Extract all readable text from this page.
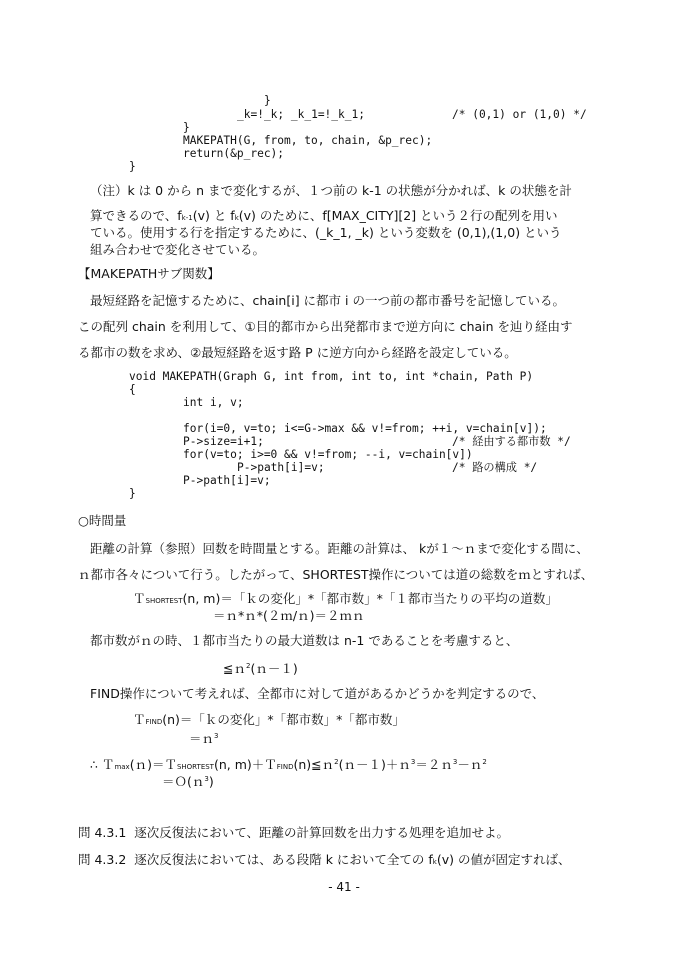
}
_k=!_k; _k_1=!_k_1;	/* (0,1) or (1,0) */
}
MAKEPATH(G, from, to, chain, &p_rec);
return(&p_rec);
}
（注）k は 0 から n まで変化するが、１つ前の k-1 の状態が分かれば、k の状態を計
算できるので、fk-1(v) と fk(v) のために、f[MAX_CITY][2] という２行の配列を用い
ている。使用する行を指定するために、(_k_1, _k) という変数を (0,1),(1,0) という
組み合わせで変化させている。
【MAKEPATHサブ関数】
最短経路を記憶するために、chain[i] に都市 i の一つ前の都市番号を記憶している。
この配列 chain を利用して、①目的都市から出発都市まで逆方向に chain を辿り経由す
る都市の数を求め、②最短経路を返す路 P に逆方向から経路を設定している。
void MAKEPATH(Graph G, int from, int to, int *chain, Path P)
{
int i, v;
for(i=0, v=to; i<=G->max && v!=from; ++i, v=chain[v]);
P->size=i+1;	/* 経由する都市数 */
for(v=to; i>=0 && v!=from; --i, v=chain[v])
P->path[i]=v;	/* 路の構成 */
P->path[i]=v;
}
○時間量
距離の計算（参照）回数を時間量とする。距離の計算は、 kが１～ｎまで変化する間に、
ｎ都市各々について行う。したがって、SHORTEST操作については道の総数をｍとすれば、
ＴSHORTEST(n, m)＝「ｋの変化」*「都市数」*「１都市当たりの平均の道数」
＝ｎ*ｎ*(２ｍ/ｎ)＝２ｍｎ
都市数がｎの時、１都市当たりの最大道数は n-1 であることを考慮すると、
≦ｎ$^2$(ｎ－１)
FIND操作について考えれば、全都市に対して道があるかどうかを判定するので、
ＴFIND(n)＝「ｋの変化」*「都市数」*「都市数」
＝ｎ$^3$
∴ Ｔmax(ｎ)＝ＴSHORTEST(n, m)＋ＴFIND(n)≦ｎ$^2$(ｎ－１)＋ｎ$^3$＝２ｎ$^3$－ｎ$^2$
＝Ｏ(ｎ$^3$)
問 4.3.1  逐次反復法において、距離の計算回数を出力する処理を追加せよ。
問 4.3.2  逐次反復法においては、ある段階 k において全ての fk(v) の値が固定すれば、
- 41 -
